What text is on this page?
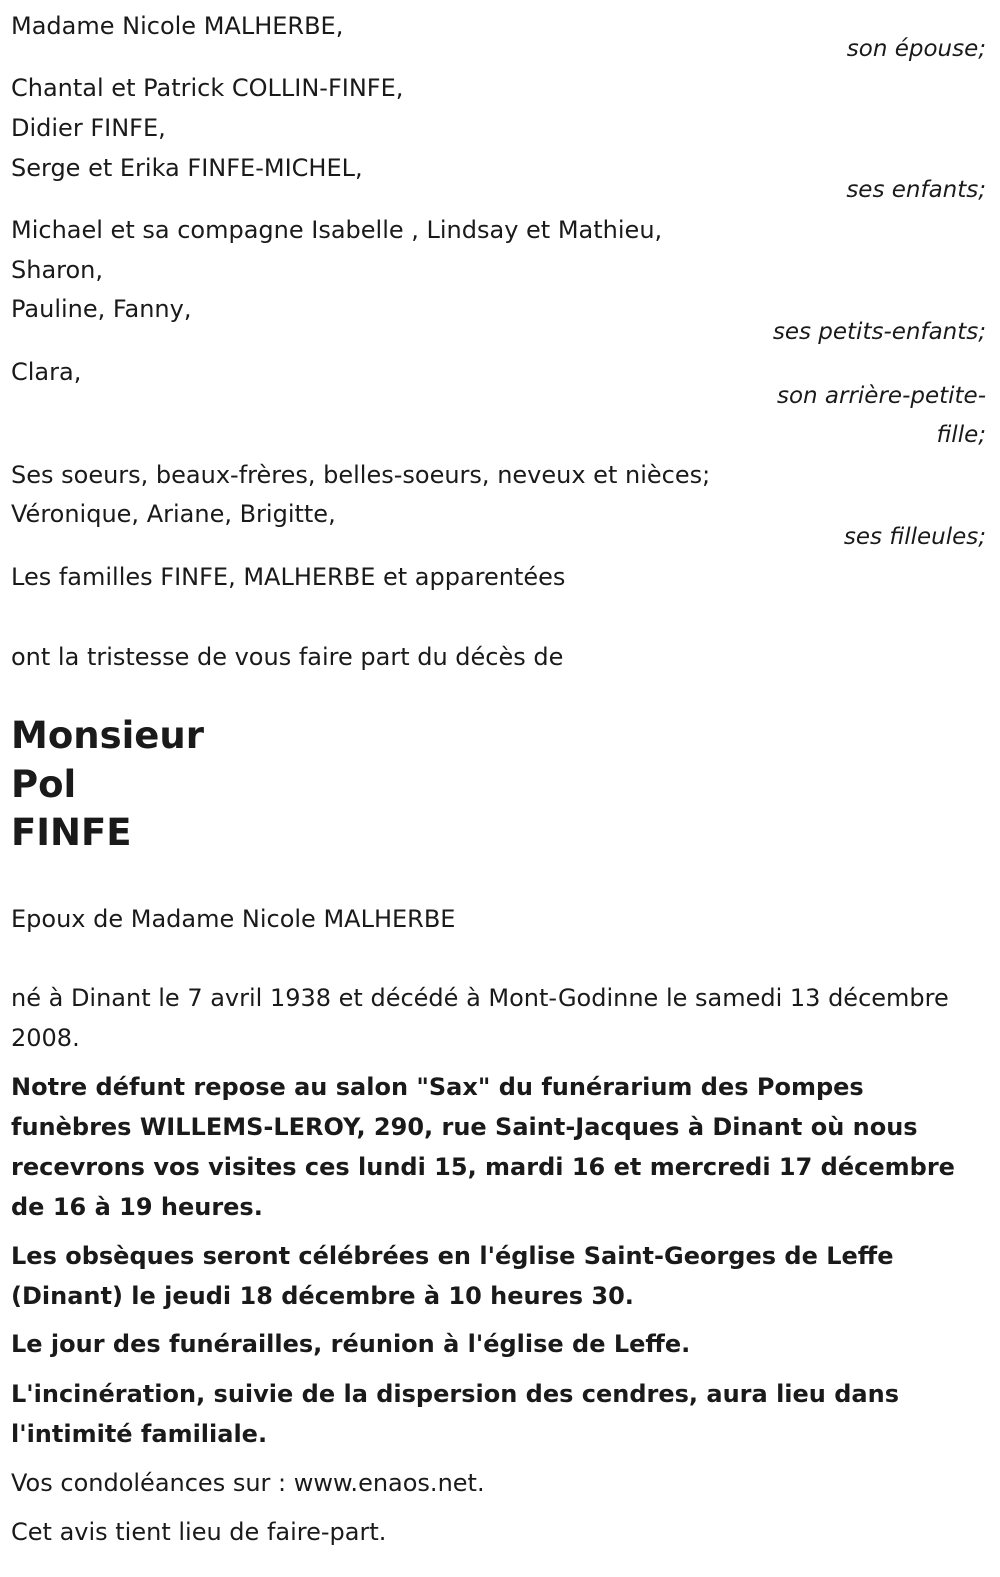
Madame Nicole MALHERBE,
son épouse;
Chantal et Patrick COLLIN-FINFE,
Didier FINFE,
Serge et Erika FINFE-MICHEL,
ses enfants;
Michael et sa compagne Isabelle , Lindsay et Mathieu,
Sharon,
Pauline, Fanny,
ses petits-enfants;
Clara,
son arrière-petite-
fille;
Ses soeurs, beaux-frères, belles-soeurs, neveux et nièces;
Véronique, Ariane, Brigitte,
ses filleules;
Les familles FINFE, MALHERBE et apparentées
ont la tristesse de vous faire part du décès de
Monsieur
Pol
FINFE
Epoux de Madame Nicole MALHERBE
né à Dinant le 7 avril 1938 et décédé à Mont-Godinne le samedi 13 décembre 2008.
Notre défunt repose au salon "Sax" du funérarium des Pompes funèbres WILLEMS-LEROY, 290, rue Saint-Jacques à Dinant où nous recevrons vos visites ces lundi 15, mardi 16 et mercredi 17 décembre de 16 à 19 heures.
Les obsèques seront célébrées en l'église Saint-Georges de Leffe (Dinant) le jeudi 18 décembre à 10 heures 30.
Le jour des funérailles, réunion à l'église de Leffe.
L'incinération, suivie de la dispersion des cendres, aura lieu dans l'intimité familiale.
Vos condoléances sur : www.enaos.net.
Cet avis tient lieu de faire-part.
